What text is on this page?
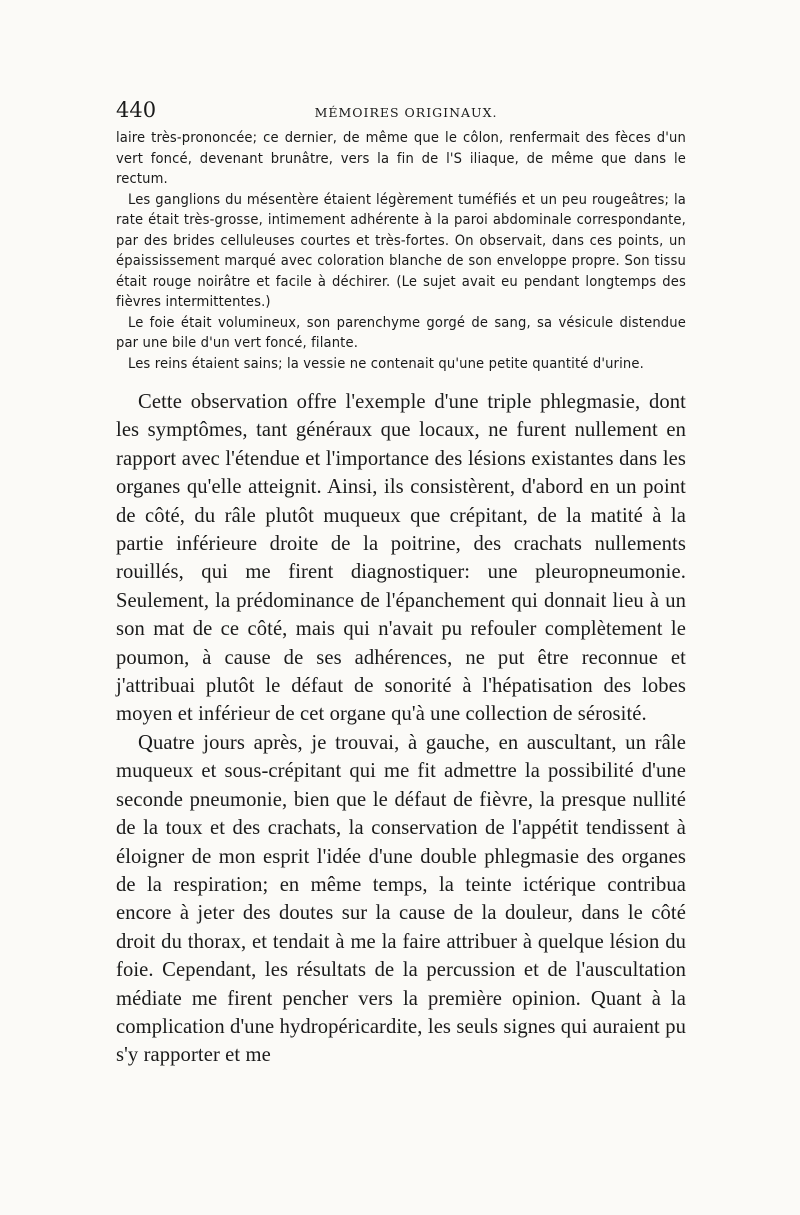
440	MÉMOIRES ORIGINAUX.

laire très-prononcée; ce dernier, de même que le côlon, renfermait des fèces d'un vert foncé, devenant brunâtre, vers la fin de l'S iliaque, de même que dans le rectum.

Les ganglions du mésentère étaient légèrement tuméfiés et un peu rougeâtres; la rate était très-grosse, intimement adhérente à la paroi abdominale correspondante, par des brides celluleuses courtes et très-fortes. On observait, dans ces points, un épaississement marqué avec coloration blanche de son enveloppe propre. Son tissu était rouge noirâtre et facile à déchirer. (Le sujet avait eu pendant longtemps des fièvres intermittentes.)

Le foie était volumineux, son parenchyme gorgé de sang, sa vésicule distendue par une bile d'un vert foncé, filante.

Les reins étaient sains; la vessie ne contenait qu'une petite quantité d'urine.

Cette observation offre l'exemple d'une triple phlegmasie, dont les symptômes, tant généraux que locaux, ne furent nullement en rapport avec l'étendue et l'importance des lésions existantes dans les organes qu'elle atteignit. Ainsi, ils consistèrent, d'abord en un point de côté, du râle plutôt muqueux que crépitant, de la matité à la partie inférieure droite de la poitrine, des crachats nullements rouillés, qui me firent diagnostiquer: une pleuropneumonie. Seulement, la prédominance de l'épanchement qui donnait lieu à un son mat de ce côté, mais qui n'avait pu refouler complètement le poumon, à cause de ses adhérences, ne put être reconnue et j'attribuai plutôt le défaut de sonorité à l'hépatisation des lobes moyen et inférieur de cet organe qu'à une collection de sérosité.

Quatre jours après, je trouvai, à gauche, en auscultant, un râle muqueux et sous-crépitant qui me fit admettre la possibilité d'une seconde pneumonie, bien que le défaut de fièvre, la presque nullité de la toux et des crachats, la conservation de l'appétit tendissent à éloigner de mon esprit l'idée d'une double phlegmasie des organes de la respiration; en même temps, la teinte ictérique contribua encore à jeter des doutes sur la cause de la douleur, dans le côté droit du thorax, et tendait à me la faire attribuer à quelque lésion du foie. Cependant, les résultats de la percussion et de l'auscultation médiate me firent pencher vers la première opinion. Quant à la complication d'une hydropéricardite, les seuls signes qui auraient pu s'y rapporter et me
